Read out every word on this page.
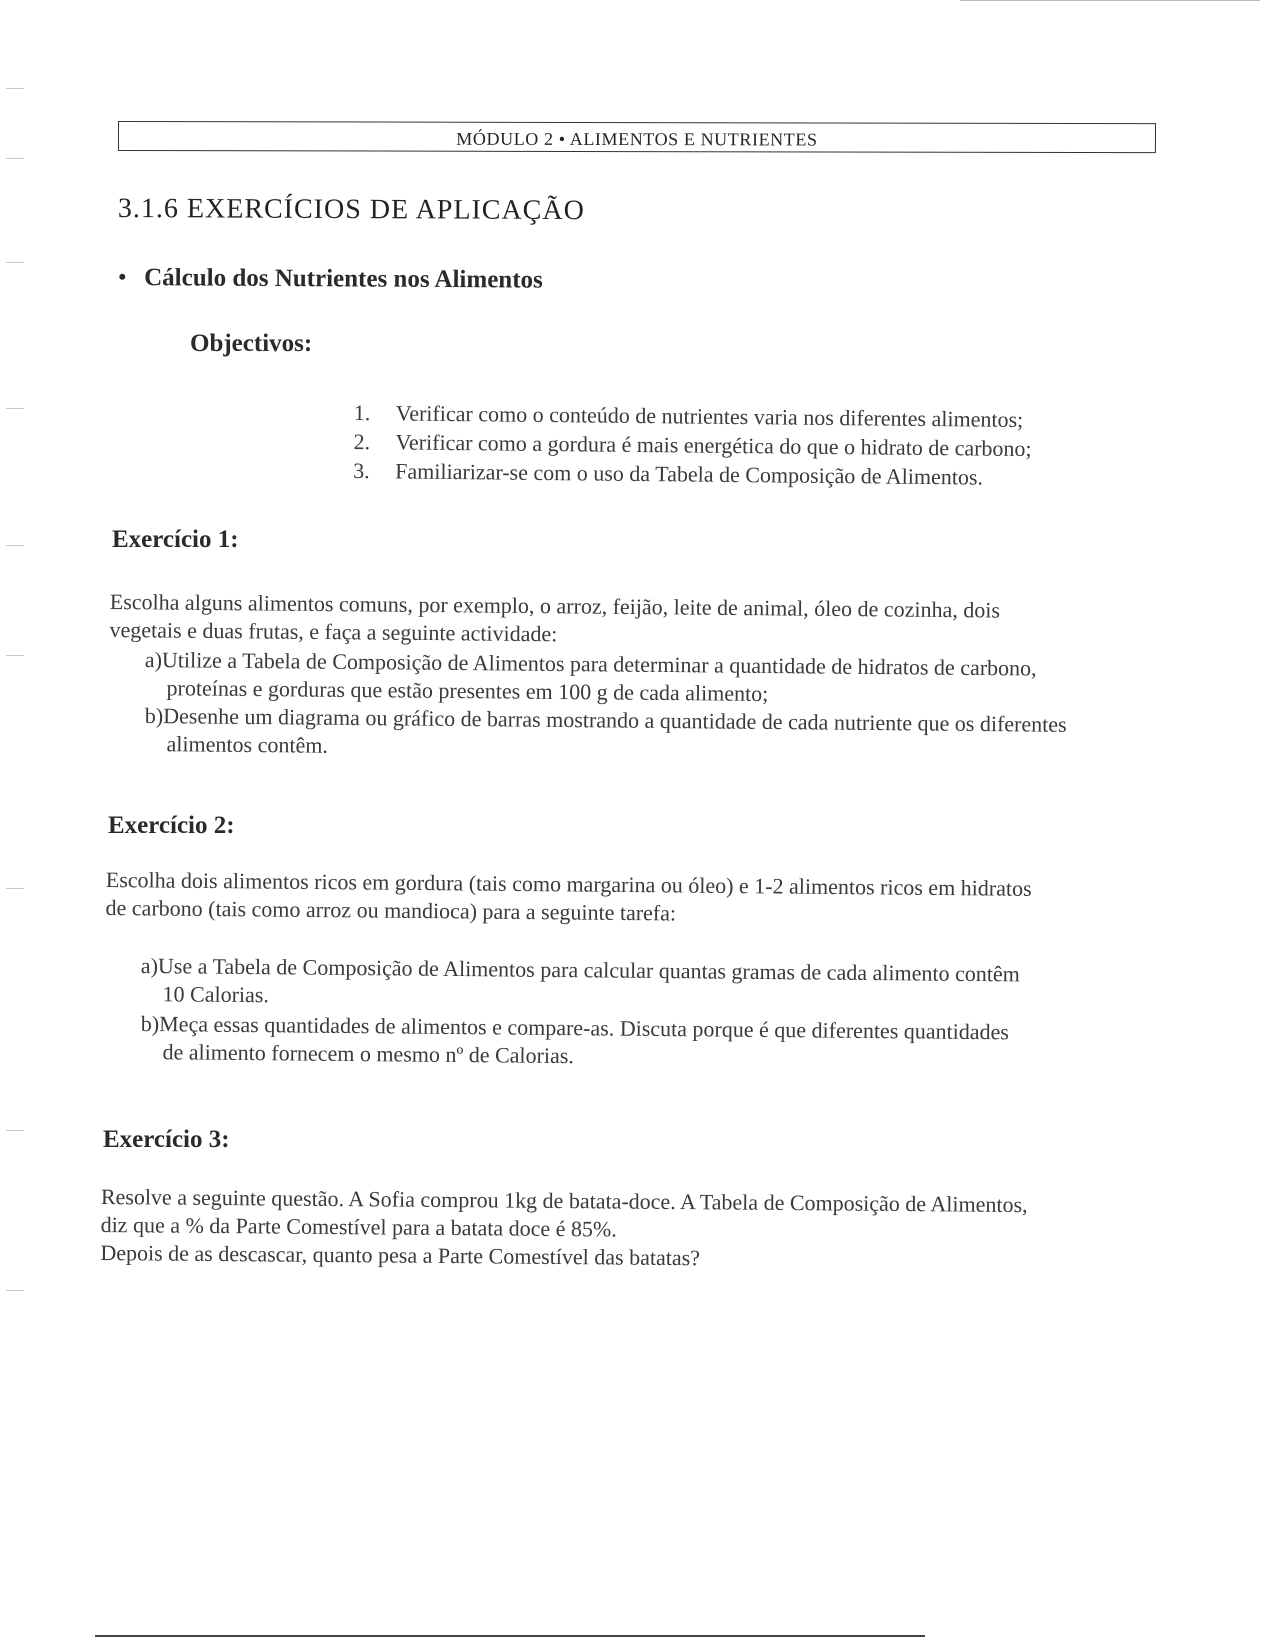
MÓDULO 2 • ALIMENTOS E NUTRIENTES
3.1.6 EXERCÍCIOS DE APLICAÇÃO
• Cálculo dos Nutrientes nos Alimentos
Objectivos:
1. Verificar como o conteúdo de nutrientes varia nos diferentes alimentos;
2. Verificar como a gordura é mais energética do que o hidrato de carbono;
3. Familiarizar-se com o uso da Tabela de Composição de Alimentos.
Exercício 1:
Escolha alguns alimentos comuns, por exemplo, o arroz, feijão, leite de animal, óleo de cozinha, dois
vegetais e duas frutas, e faça a seguinte actividade:
a)Utilize a Tabela de Composição de Alimentos para determinar a quantidade de hidratos de carbono,
proteínas e gorduras que estão presentes em 100 g de cada alimento;
b)Desenhe um diagrama ou gráfico de barras mostrando a quantidade de cada nutriente que os diferentes
alimentos contêm.
Exercício 2:
Escolha dois alimentos ricos em gordura (tais como margarina ou óleo) e 1-2 alimentos ricos em hidratos
de carbono (tais como arroz ou mandioca) para a seguinte tarefa:
a)Use a Tabela de Composição de Alimentos para calcular quantas gramas de cada alimento contêm
10 Calorias.
b)Meça essas quantidades de alimentos e compare-as. Discuta porque é que diferentes quantidades
de alimento fornecem o mesmo nº de Calorias.
Exercício 3:
Resolve a seguinte questão. A Sofia comprou 1kg de batata-doce. A Tabela de Composição de Alimentos,
diz que a % da Parte Comestível para a batata doce é 85%.
Depois de as descascar, quanto pesa a Parte Comestível das batatas?
